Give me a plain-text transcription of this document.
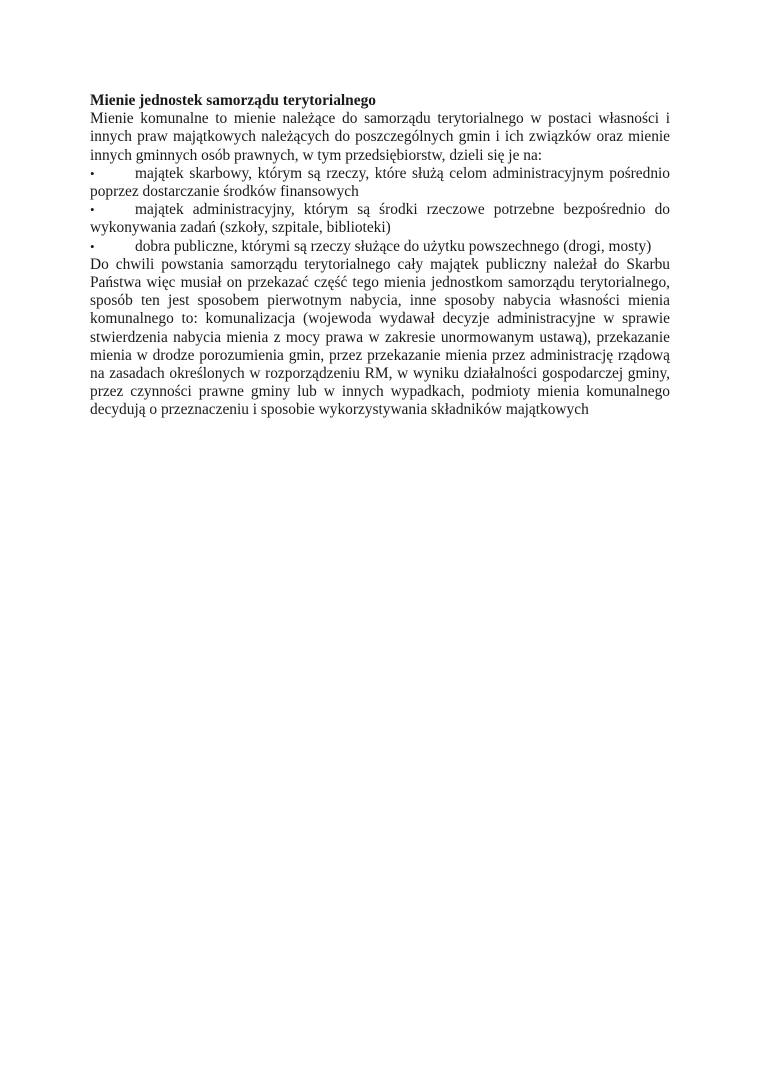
Mienie jednostek samorządu terytorialnego

Mienie komunalne to mienie należące do samorządu terytorialnego w postaci własności i innych praw majątkowych należących do poszczególnych gmin i ich związków oraz mienie innych gminnych osób prawnych, w tym przedsiębiorstw, dzieli się je na:

•	majątek skarbowy, którym są rzeczy, które służą celom administracyjnym pośrednio poprzez dostarczanie środków finansowych
•	majątek administracyjny, którym są środki rzeczowe potrzebne bezpośrednio do wykonywania zadań (szkoły, szpitale, biblioteki)
•	dobra publiczne, którymi są rzeczy służące do użytku powszechnego (drogi, mosty)

Do chwili powstania samorządu terytorialnego cały majątek publiczny należał do Skarbu Państwa więc musiał on przekazać część tego mienia jednostkom samorządu terytorialnego, sposób ten jest sposobem pierwotnym nabycia, inne sposoby nabycia własności mienia komunalnego to: komunalizacja (wojewoda wydawał decyzje administracyjne w sprawie stwierdzenia nabycia mienia z mocy prawa w zakresie unormowanym ustawą), przekazanie mienia w drodze porozumienia gmin, przez przekazanie mienia przez administrację rządową na zasadach określonych w rozporządzeniu RM, w wyniku działalności gospodarczej gminy, przez czynności prawne gminy lub w innych wypadkach, podmioty mienia komunalnego decydują o przeznaczeniu i sposobie wykorzystywania składników majątkowych
